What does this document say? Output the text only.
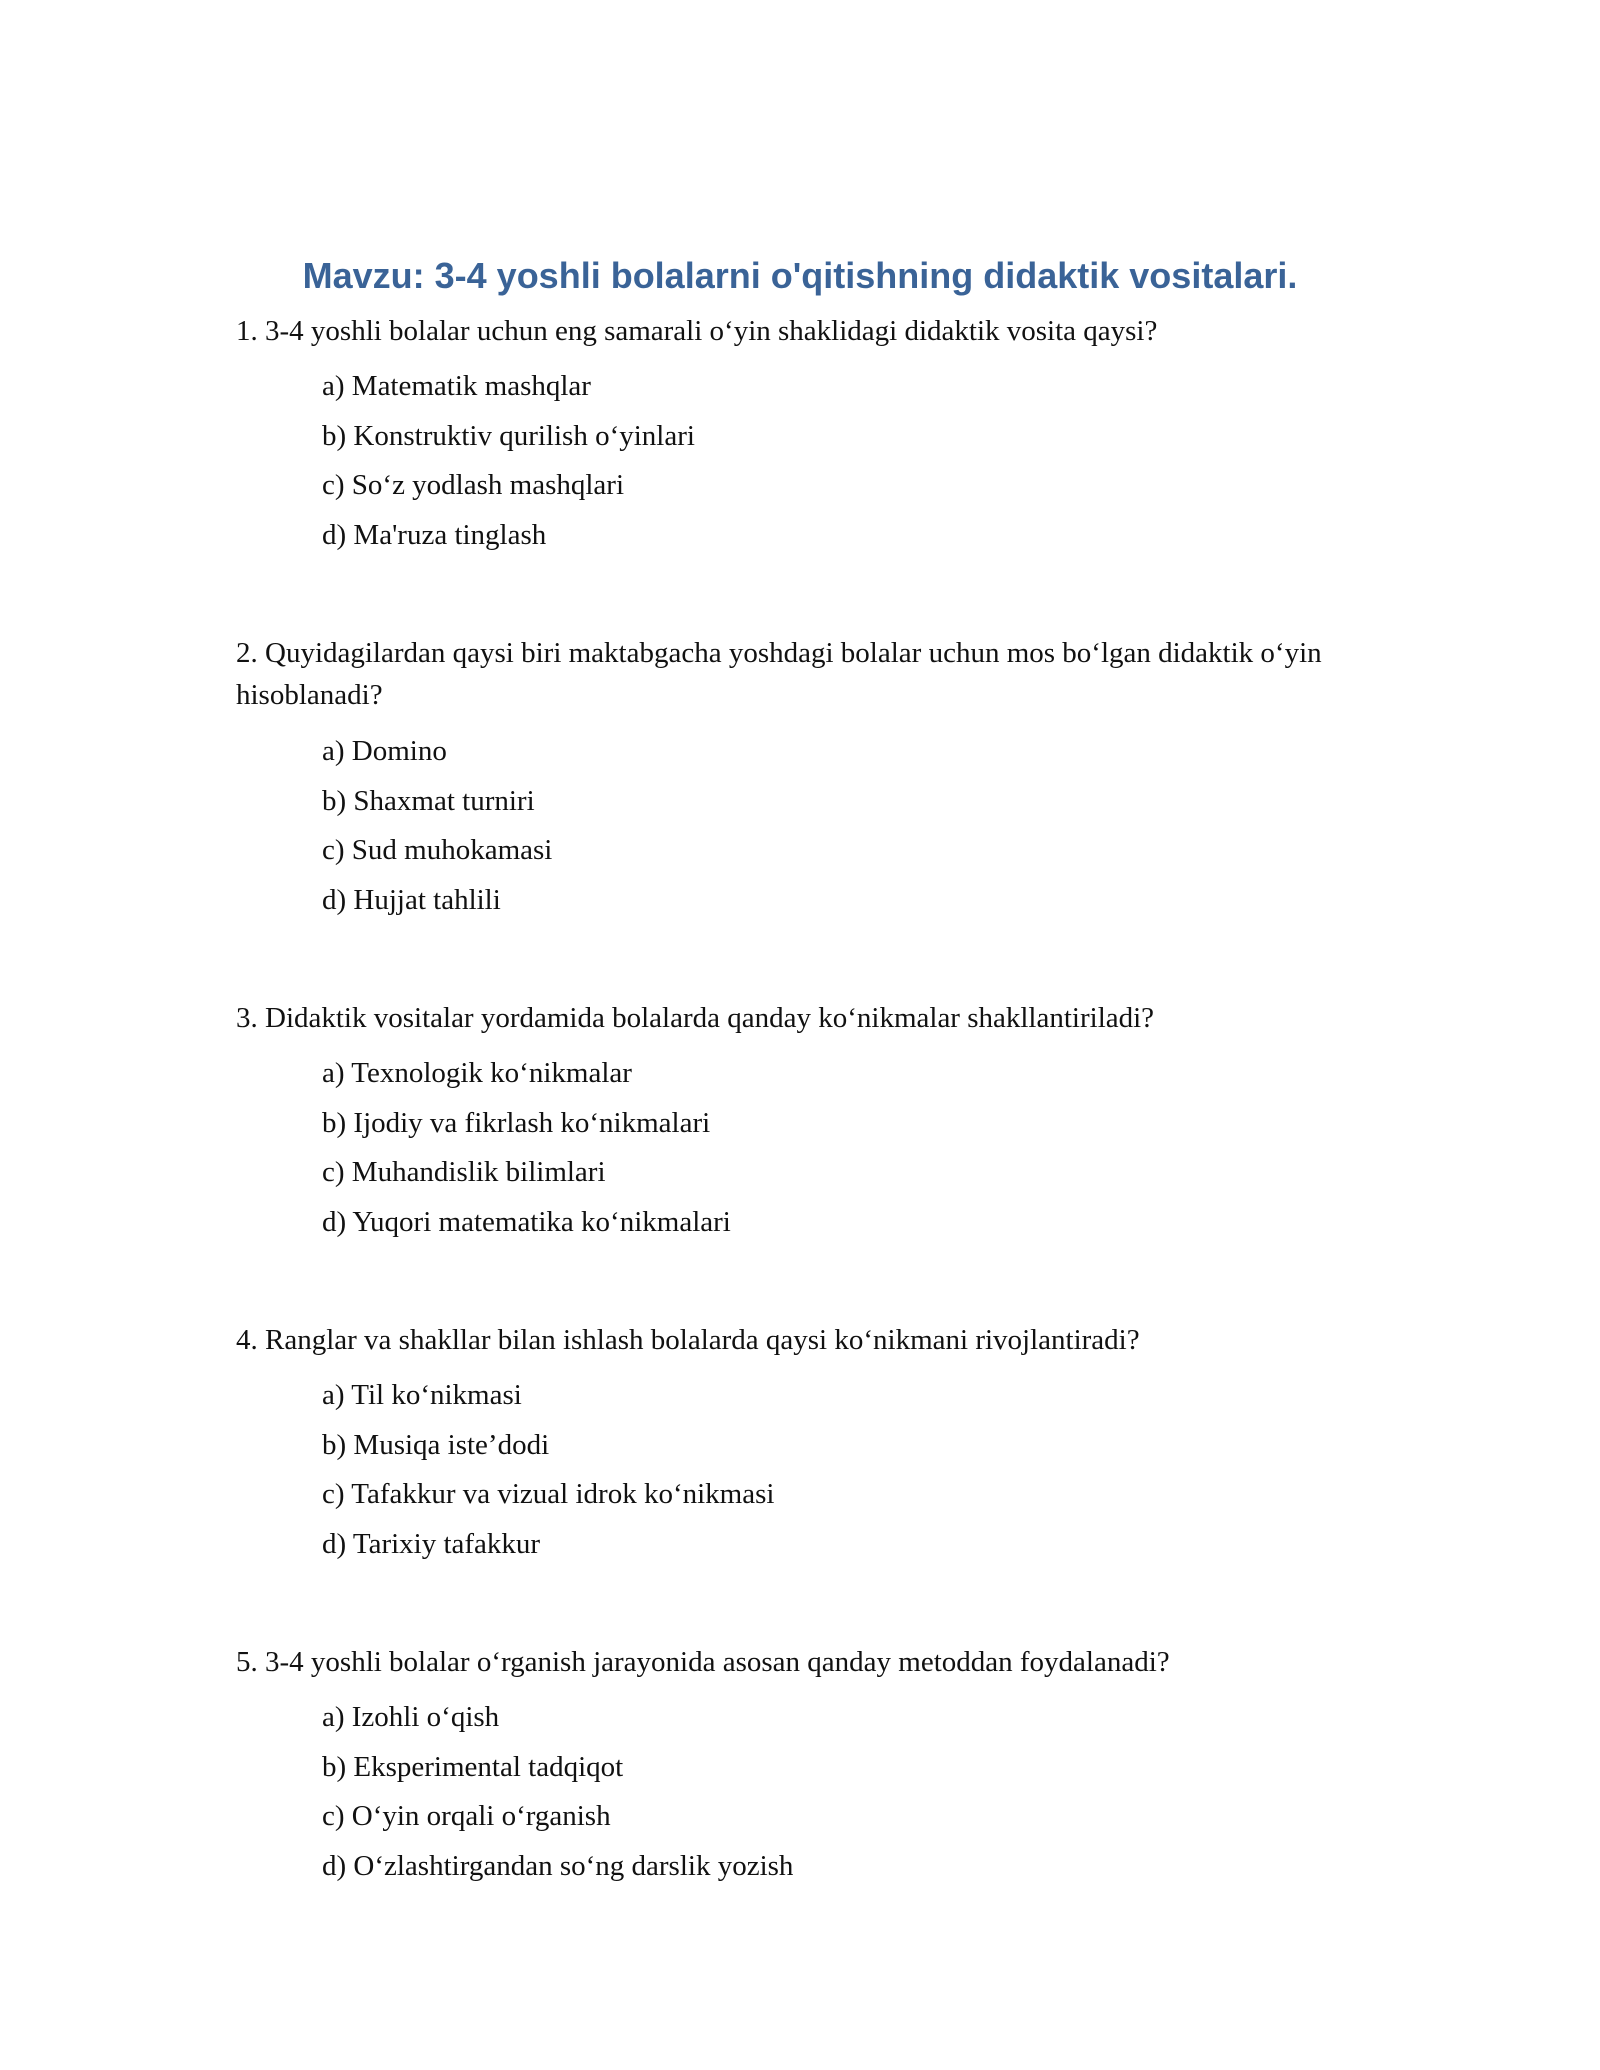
Mavzu: 3-4 yoshli bolalarni o'qitishning didaktik vositalari.
1. 3-4 yoshli bolalar uchun eng samarali o‘yin shaklidagi didaktik vosita qaysi?
a) Matematik mashqlar
b) Konstruktiv qurilish o‘yinlari
c) So‘z yodlash mashqlari
d) Ma'ruza tinglash
2. Quyidagilardan qaysi biri maktabgacha yoshdagi bolalar uchun mos bo‘lgan didaktik o‘yin hisoblanadi?
a) Domino
b) Shaxmat turniri
c) Sud muhokamasi
d) Hujjat tahlili
3. Didaktik vositalar yordamida bolalarda qanday ko‘nikmalar shakllantiriladi?
a) Texnologik ko‘nikmalar
b) Ijodiy va fikrlash ko‘nikmalari
c) Muhandislik bilimlari
d) Yuqori matematika ko‘nikmalari
4. Ranglar va shakllar bilan ishlash bolalarda qaysi ko‘nikmani rivojlantiradi?
a) Til ko‘nikmasi
b) Musiqa iste’dodi
c) Tafakkur va vizual idrok ko‘nikmasi
d) Tarixiy tafakkur
5. 3-4 yoshli bolalar o‘rganish jarayonida asosan qanday metoddan foydalanadi?
a) Izohli o‘qish
b) Eksperimental tadqiqot
c) O‘yin orqali o‘rganish
d) O‘zlashtirgandan so‘ng darslik yozish
